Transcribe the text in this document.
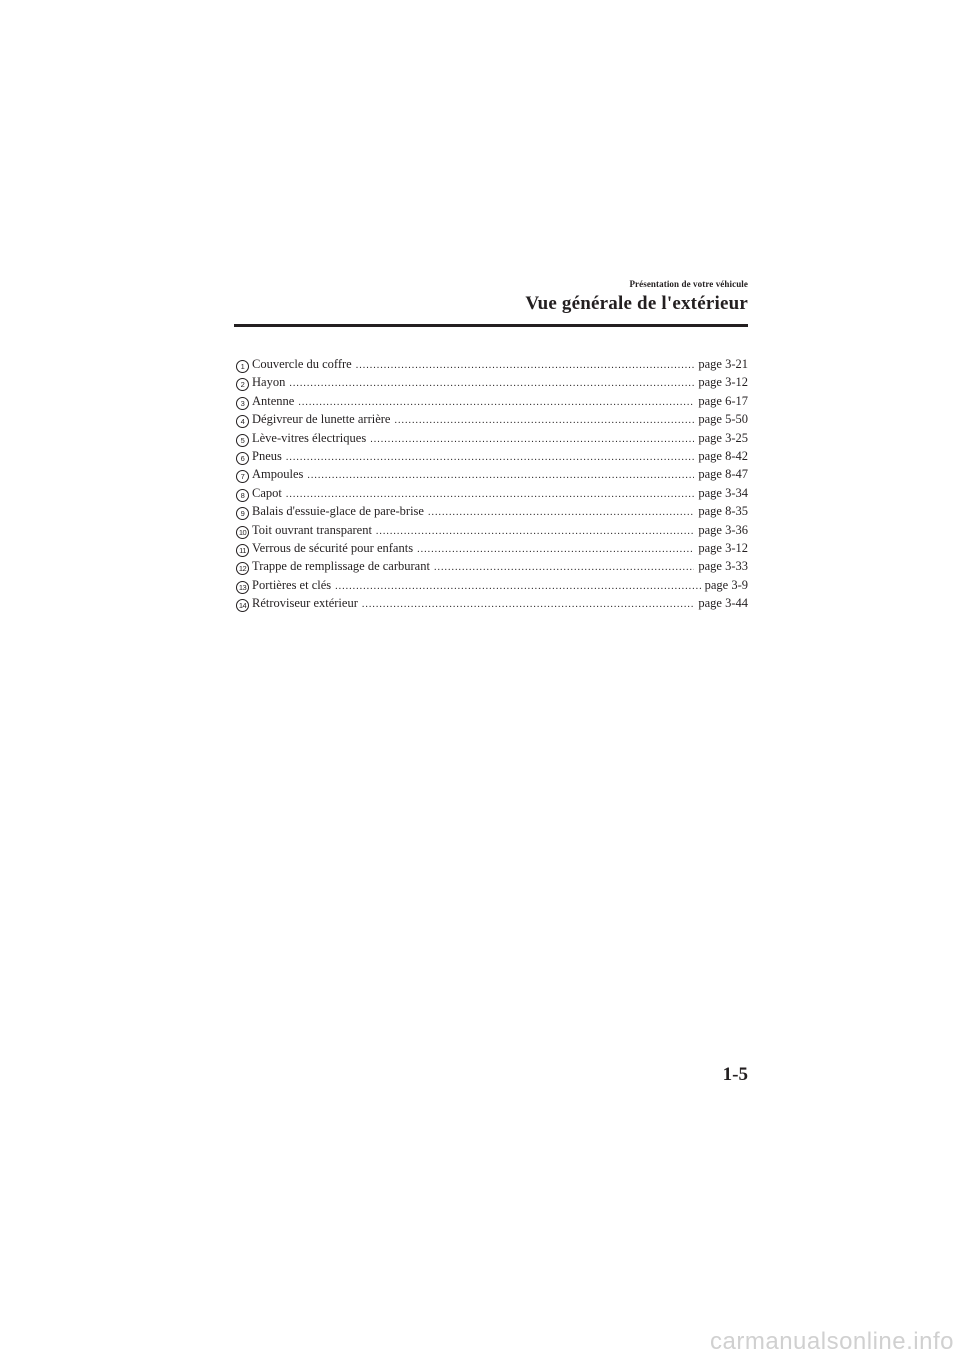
Présentation de votre véhicule
Vue générale de l'extérieur
1 Couvercle du coffre .....	page 3-21
2 Hayon .....	page 3-12
3 Antenne .....	page 6-17
4 Dégivreur de lunette arrière .....	page 5-50
5 Lève-vitres électriques .....	page 3-25
6 Pneus .....	page 8-42
7 Ampoules .....	page 8-47
8 Capot .....	page 3-34
9 Balais d'essuie-glace de pare-brise .....	page 8-35
10 Toit ouvrant transparent .....	page 3-36
11 Verrous de sécurité pour enfants .....	page 3-12
12 Trappe de remplissage de carburant .....	page 3-33
13 Portières et clés .....	page 3-9
14 Rétroviseur extérieur .....	page 3-44
1-5
carmanualsonline.info
